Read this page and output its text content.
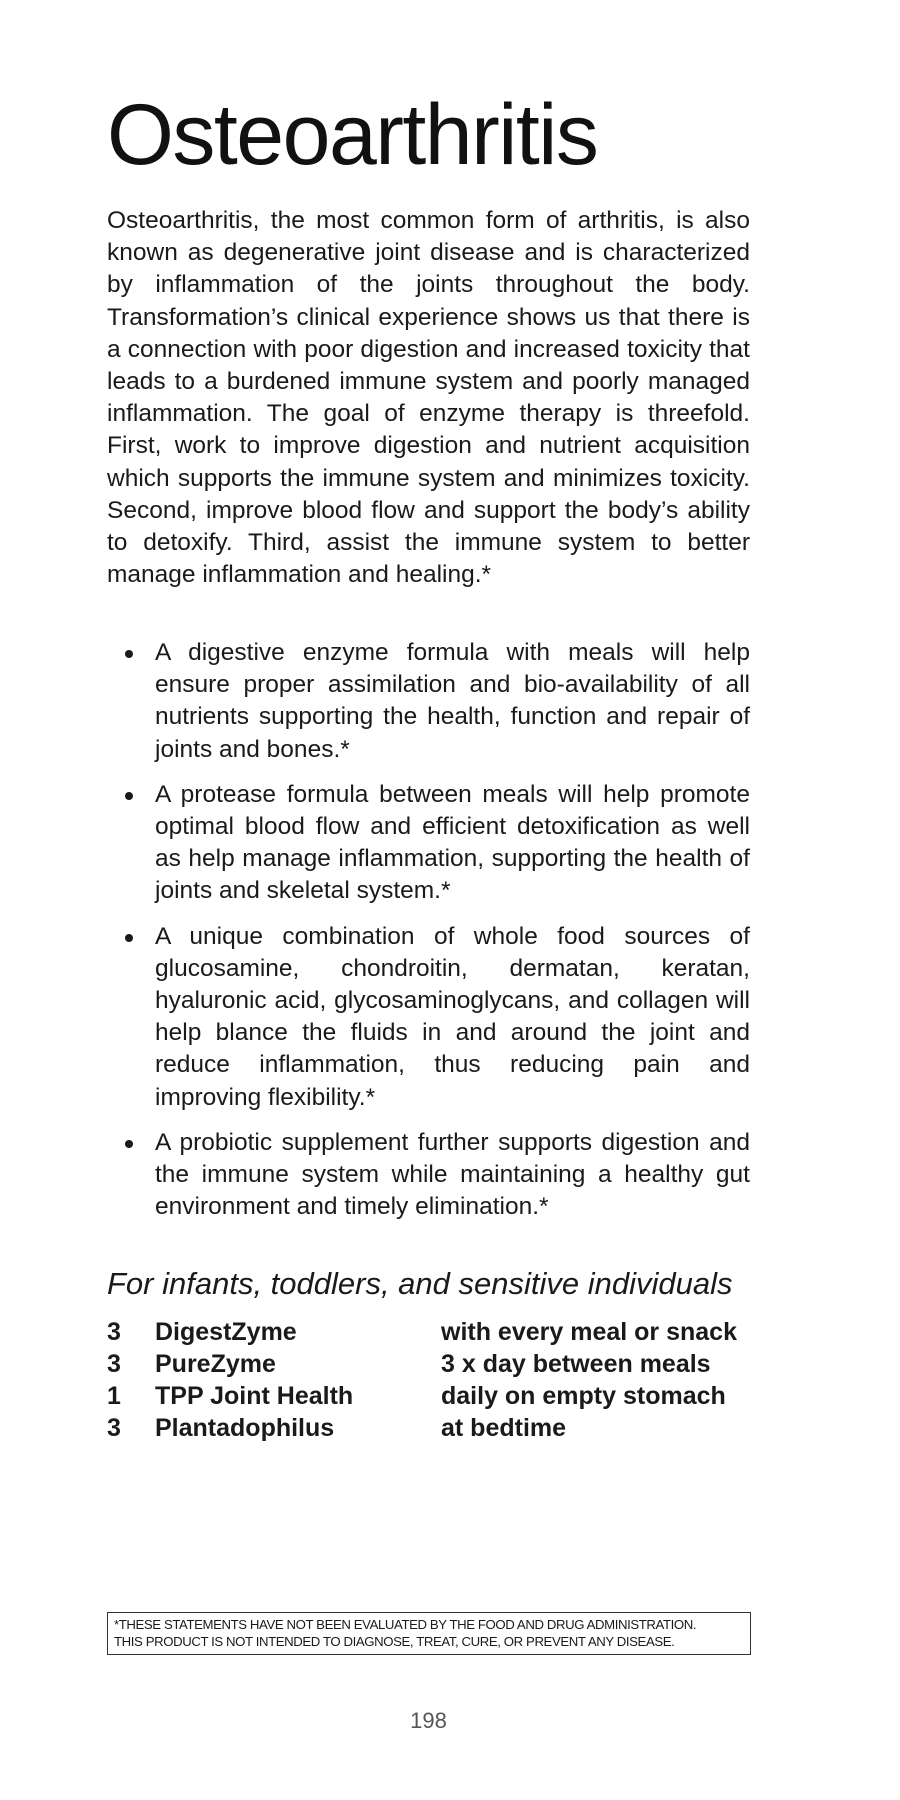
Osteoarthritis

Osteoarthritis, the most common form of arthritis, is also known as degenerative joint disease and is characterized by inflammation of the joints throughout the body. Transformation’s clinical experience shows us that there is a connection with poor digestion and increased toxicity that leads to a burdened immune system and poorly managed inflammation. The goal of enzyme therapy is threefold. First, work to improve digestion and nutrient acquisition which supports the immune system and minimizes toxicity. Second, improve blood flow and support the body’s ability to detoxify. Third, assist the immune system to better manage inflammation and healing.*

A digestive enzyme formula with meals will help ensure proper assimilation and bio-availability of all nutrients supporting the health, function and repair of joints and bones.*
A protease formula between meals will help promote optimal blood flow and efficient detoxification as well as help manage inflammation, supporting the health of joints and skeletal system.*
A unique combination of whole food sources of glucosamine, chondroitin, dermatan, keratan, hyaluronic acid, glycosaminoglycans, and collagen will help blance the fluids in and around the joint and reduce inflammation, thus reducing pain and improving flexibility.*
A probiotic supplement further supports digestion and the immune system while maintaining a healthy gut environment and timely elimination.*
For infants, toddlers, and sensitive individuals
3	DigestZyme	with every meal or snack
3	PureZyme	3 x day between meals
1	TPP Joint Health	daily on empty stomach
3	Plantadophilus	at bedtime
*THESE STATEMENTS HAVE NOT BEEN EVALUATED BY THE FOOD AND DRUG ADMINISTRATION.
THIS PRODUCT IS NOT INTENDED TO DIAGNOSE, TREAT, CURE, OR PREVENT ANY DISEASE.
198
